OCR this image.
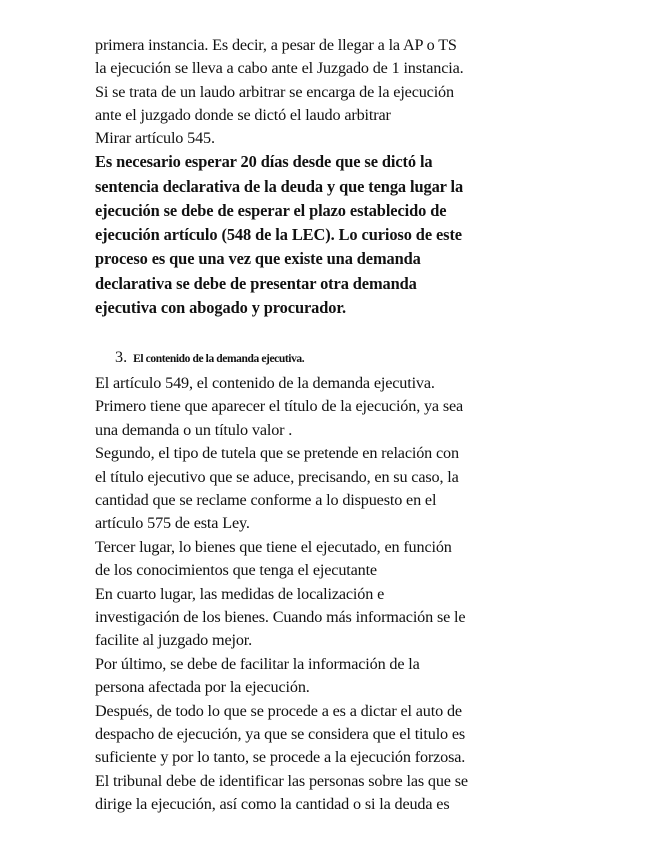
primera instancia. Es decir, a pesar de llegar a la AP o TS
la ejecución se lleva a cabo ante el Juzgado de 1 instancia.
Si se trata de un laudo arbitrar se encarga de la ejecución
ante el juzgado donde se dictó el laudo arbitrar
Mirar artículo 545.
Es necesario esperar 20 días desde que se dictó la
sentencia declarativa de la deuda y que tenga lugar la
ejecución se debe de esperar el plazo establecido de
ejecución artículo (548 de la LEC). Lo curioso de este
proceso es que una vez que existe una demanda
declarativa se debe de presentar otra demanda
ejecutiva con abogado y procurador.
3. El contenido de la demanda ejecutiva.
El artículo 549, el contenido de la demanda ejecutiva.
Primero tiene que aparecer el título de la ejecución, ya sea
una demanda o un título valor .
Segundo, el tipo de tutela que se pretende en relación con
el título ejecutivo que se aduce, precisando, en su caso, la
cantidad que se reclame conforme a lo dispuesto en el
artículo 575 de esta Ley.
Tercer lugar, lo bienes que tiene el ejecutado, en función
de los conocimientos que tenga el ejecutante
En cuarto lugar, las medidas de localización e
investigación de los bienes. Cuando más información se le
facilite al juzgado mejor.
Por último, se debe de facilitar la información de la
persona afectada por la ejecución.
Después, de todo lo que se procede a es a dictar el auto de
despacho de ejecución, ya que se considera que el titulo es
suficiente y por lo tanto, se procede a la ejecución forzosa.
El tribunal debe de identificar las personas sobre las que se
dirige la ejecución, así como la cantidad o si la deuda es
